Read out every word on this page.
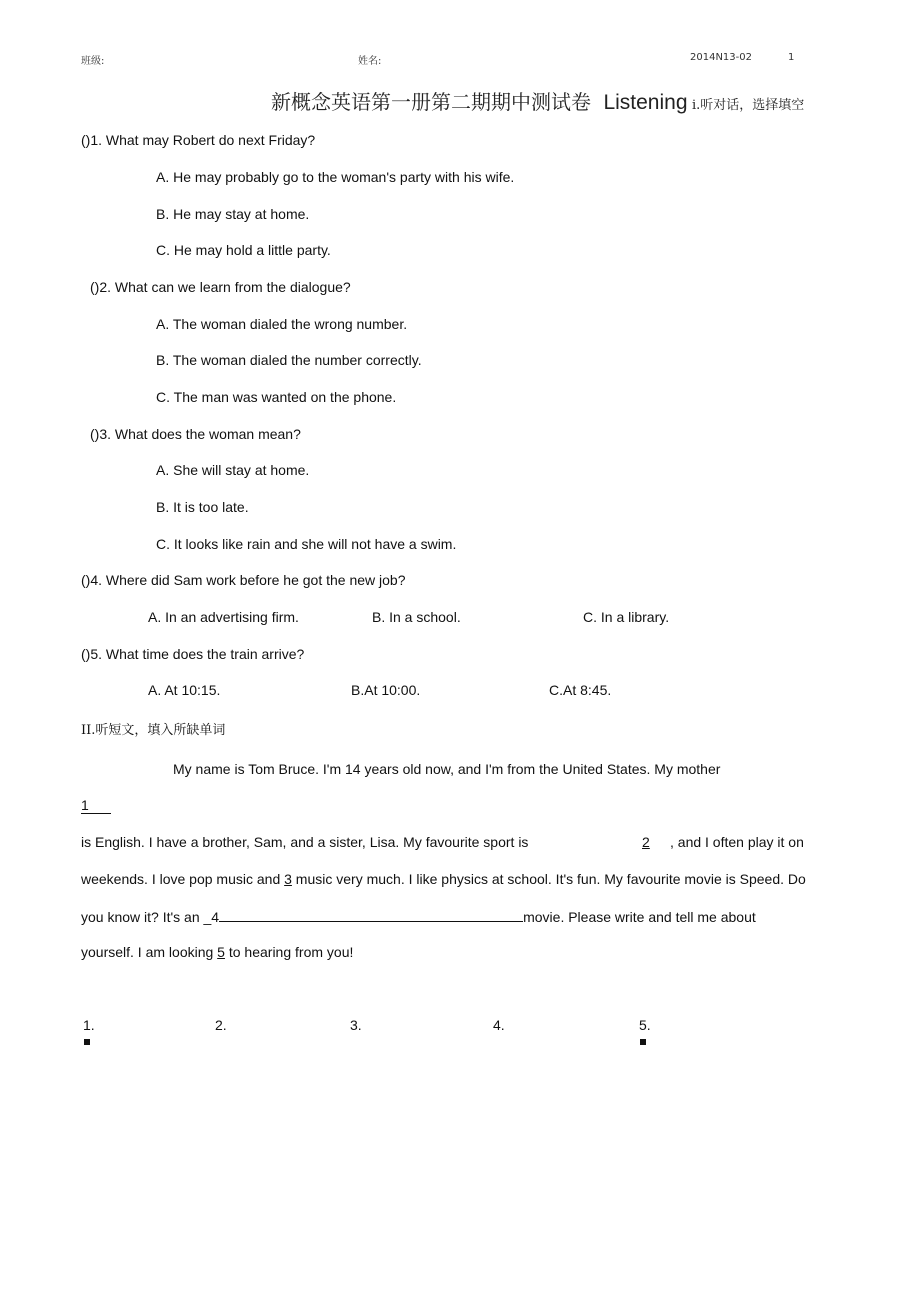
班级:	姓名:	2014N13-02	1
新概念英语第一册第二期期中测试卷 Listening i.听对话，选择填空
()1. What may Robert do next Friday?
A. He may probably go to the woman's party with his wife.
B. He may stay at home.
C. He may hold a little party.
()2. What can we learn from the dialogue?
A. The woman dialed the wrong number.
B. The woman dialed the number correctly.
C. The man was wanted on the phone.
()3. What does the woman mean?
A. She will stay at home.
B. It is too late.
C. It looks like rain and she will not have a swim.
()4. Where did Sam work before he got the new job?
A. In an advertising firm.	B. In a school.	C. In a library.
()5. What time does the train arrive?
A. At 10:15.	B.At 10:00.	C.At 8:45.
II.听短文，填入所缺单词
My name is Tom Bruce. I'm 14 years old now, and I'm from the United States. My mother
1
is English. I have a brother, Sam, and a sister, Lisa. My favourite sport is	2 , and I often play it on
weekends. I love pop music and 3 music very much. I like physics at school. It's fun. My favourite movie is Speed. Do
you know it? It's an _4	movie. Please write and tell me about
yourself. I am looking 5 to hearing from you!
1.	2.	3.	4.	5.
